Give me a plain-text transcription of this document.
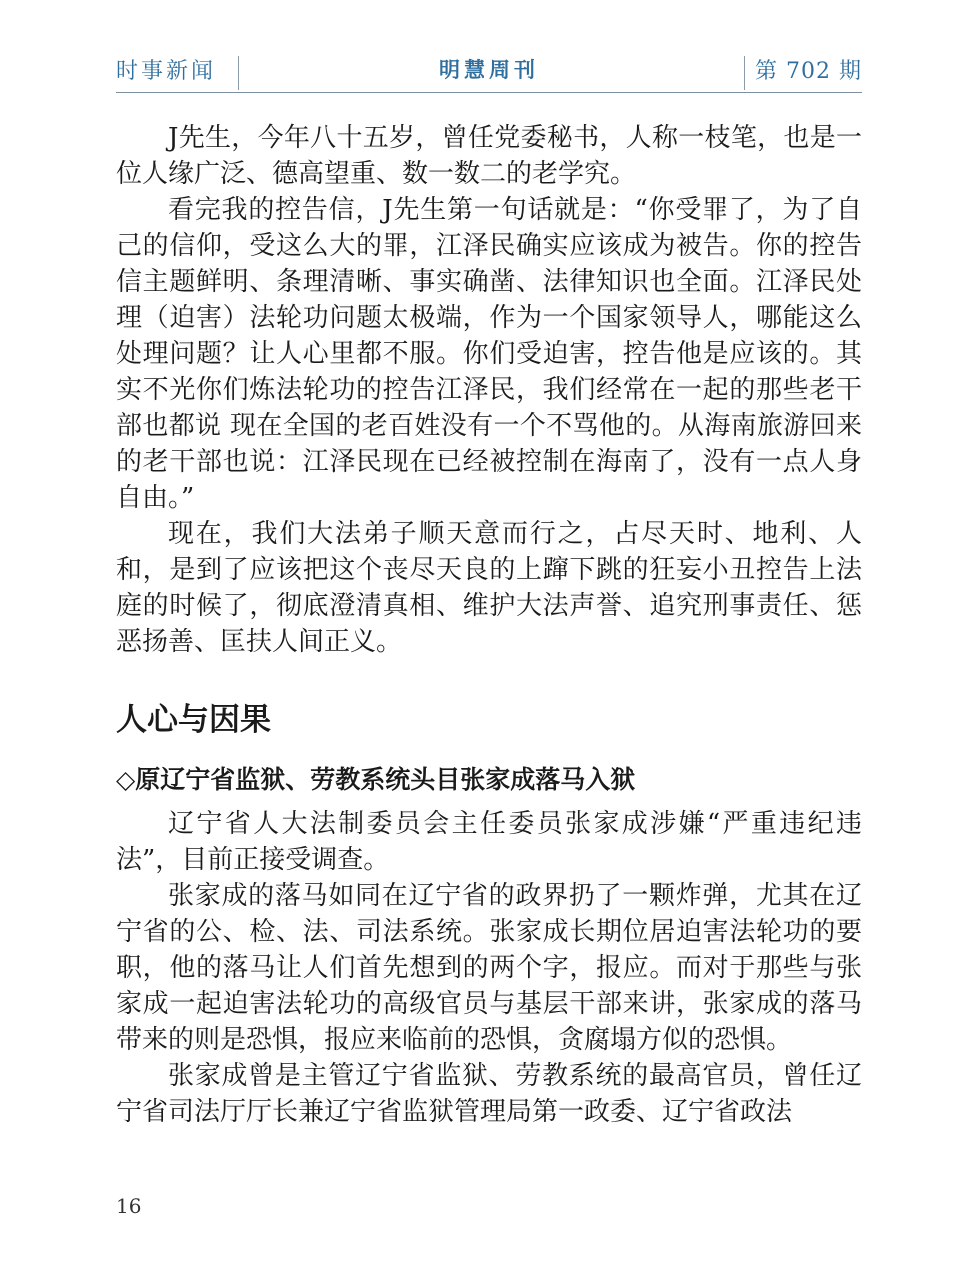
时事新闻	明慧周刊	第 702 期

J先生，今年八十五岁，曾任党委秘书，人称一枝笔，也是一位人缘广泛、德高望重、数一数二的老学究。

看完我的控告信，J先生第一句话就是：“你受罪了，为了自己的信仰，受这么大的罪，江泽民确实应该成为被告。你的控告信主题鲜明、条理清晰、事实确凿、法律知识也全面。江泽民处理（迫害）法轮功问题太极端，作为一个国家领导人，哪能这么处理问题？让人心里都不服。你们受迫害，控告他是应该的。其实不光你们炼法轮功的控告江泽民，我们经常在一起的那些老干部也都说 现在全国的老百姓没有一个不骂他的。从海南旅游回来的老干部也说：江泽民现在已经被控制在海南了，没有一点人身自由。”

现在，我们大法弟子顺天意而行之，占尽天时、地利、人和，是到了应该把这个丧尽天良的上蹿下跳的狂妄小丑控告上法庭的时候了，彻底澄清真相、维护大法声誉、追究刑事责任、惩恶扬善、匡扶人间正义。

人心与因果
◇原辽宁省监狱、劳教系统头目张家成落马入狱

辽宁省人大法制委员会主任委员张家成涉嫌“严重违纪违法”，目前正接受调查。

张家成的落马如同在辽宁省的政界扔了一颗炸弹，尤其在辽宁省的公、检、法、司法系统。张家成长期位居迫害法轮功的要职，他的落马让人们首先想到的两个字，报应。而对于那些与张家成一起迫害法轮功的高级官员与基层干部来讲，张家成的落马带来的则是恐惧，报应来临前的恐惧，贪腐塌方似的恐惧。

张家成曾是主管辽宁省监狱、劳教系统的最高官员，曾任辽宁省司法厅厅长兼辽宁省监狱管理局第一政委、辽宁省政法

16
